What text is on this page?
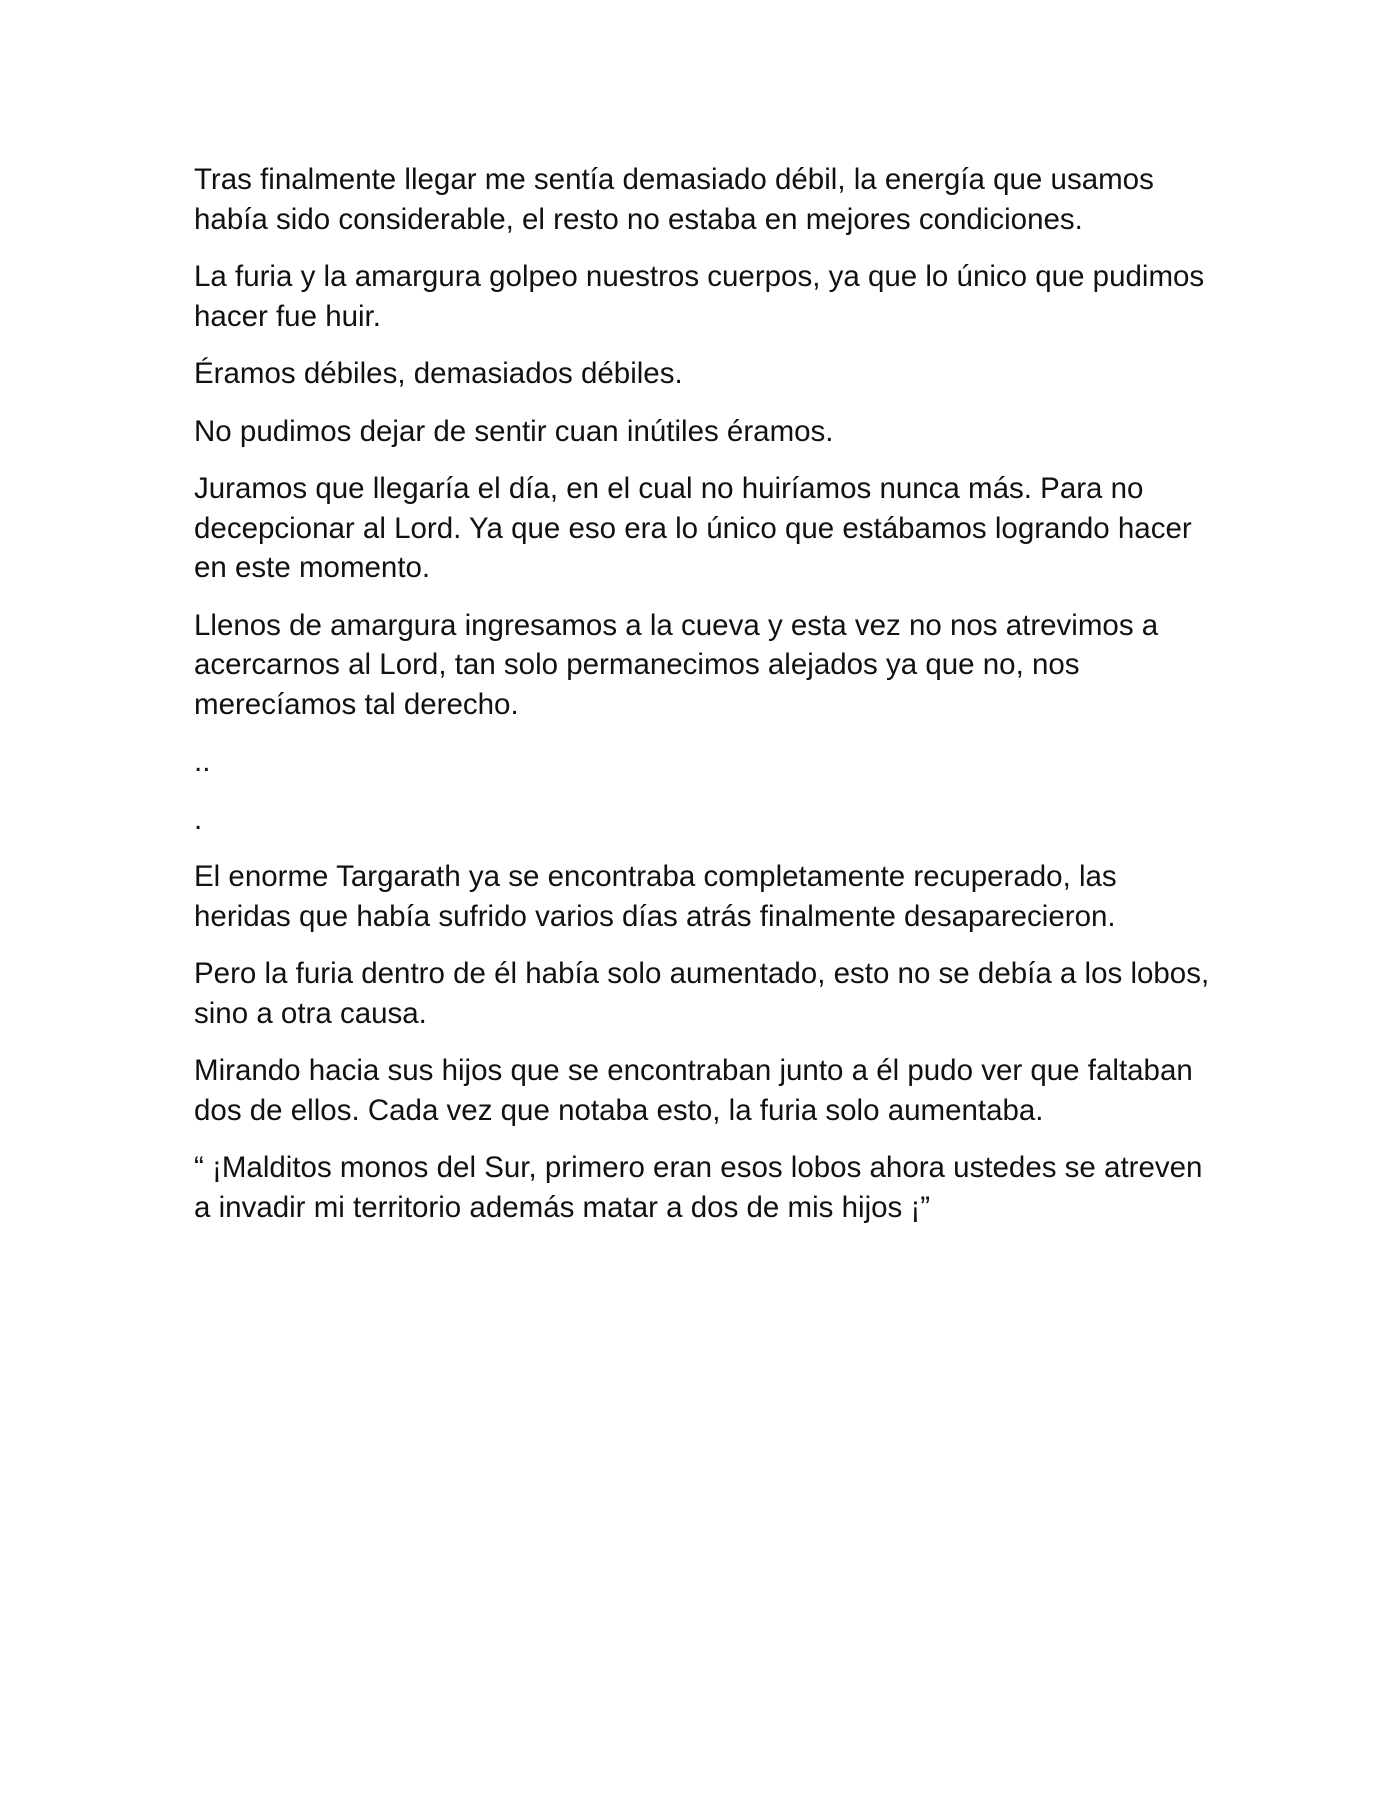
Tras finalmente llegar me sentía demasiado débil, la energía que usamos había sido considerable, el resto no estaba en mejores condiciones.

La furia y la amargura golpeo nuestros cuerpos, ya que lo único que pudimos hacer fue huir.

Éramos débiles, demasiados débiles.

No pudimos dejar de sentir cuan inútiles éramos.

Juramos que llegaría el día, en el cual no huiríamos nunca más. Para no decepcionar al Lord. Ya que eso era lo único que estábamos logrando hacer en este momento.

Llenos de amargura ingresamos a la cueva y esta vez no nos atrevimos a acercarnos al Lord, tan solo permanecimos alejados ya que no, nos merecíamos tal derecho.

..

.

El enorme Targarath ya se encontraba completamente recuperado, las heridas que había sufrido varios días atrás finalmente desaparecieron.

Pero la furia dentro de él había solo aumentado, esto no se debía a los lobos, sino a otra causa.

Mirando hacia sus hijos que se encontraban junto a él pudo ver que faltaban dos de ellos. Cada vez que notaba esto, la furia solo aumentaba.

“ ¡Malditos monos del Sur, primero eran esos lobos ahora ustedes se atreven a invadir mi territorio además matar a dos de mis hijos ¡”
